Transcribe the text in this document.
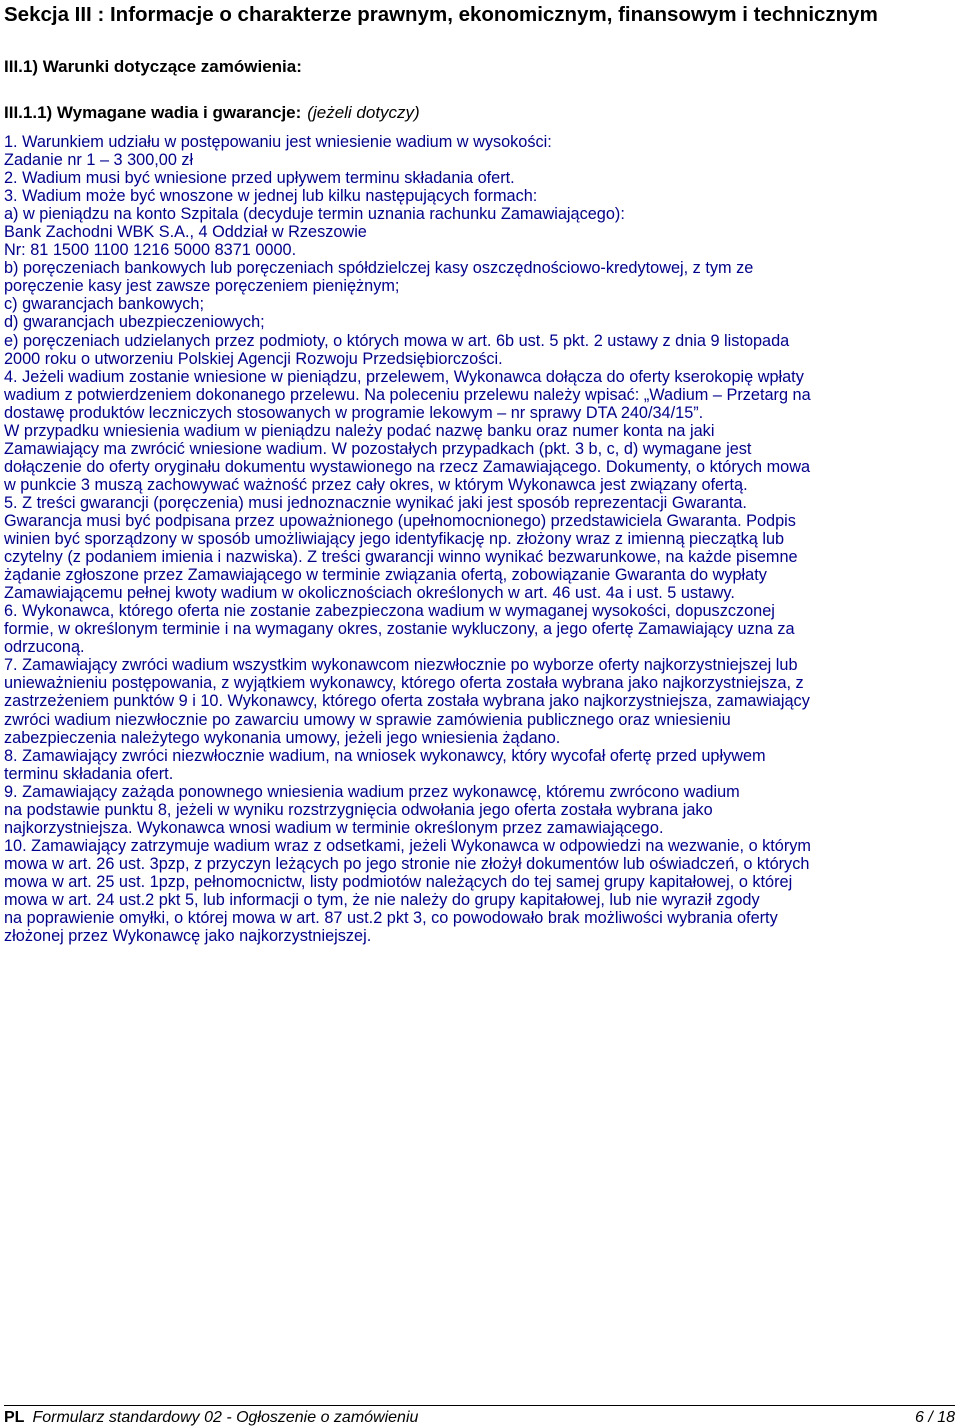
Sekcja III : Informacje o charakterze prawnym, ekonomicznym, finansowym i technicznym
III.1) Warunki dotyczące zamówienia:
III.1.1) Wymagane wadia i gwarancje: (jeżeli dotyczy)
1. Warunkiem udziału w postępowaniu jest wniesienie wadium w wysokości:
Zadanie nr 1 – 3 300,00 zł
2. Wadium musi być wniesione przed upływem terminu składania ofert.
3. Wadium może być wnoszone w jednej lub kilku następujących formach:
a) w pieniądzu na konto Szpitala (decyduje termin uznania rachunku Zamawiającego):
Bank Zachodni WBK S.A., 4 Oddział w Rzeszowie
Nr: 81 1500 1100 1216 5000 8371 0000.
b) poręczeniach bankowych lub poręczeniach spółdzielczej kasy oszczędnościowo-kredytowej, z tym ze
poręczenie kasy jest zawsze poręczeniem pieniężnym;
c) gwarancjach bankowych;
d) gwarancjach ubezpieczeniowych;
e) poręczeniach udzielanych przez podmioty, o których mowa w art. 6b ust. 5 pkt. 2 ustawy z dnia 9 listopada
2000 roku o utworzeniu Polskiej Agencji Rozwoju Przedsiębiorczości.
4. Jeżeli wadium zostanie wniesione w pieniądzu, przelewem, Wykonawca dołącza do oferty kserokopię wpłaty
wadium z potwierdzeniem dokonanego przelewu. Na poleceniu przelewu należy wpisać: „Wadium – Przetarg na
dostawę produktów leczniczych stosowanych w programie lekowym – nr sprawy DTA 240/34/15”.
W przypadku wniesienia wadium w pieniądzu należy podać nazwę banku oraz numer konta na jaki
Zamawiający ma zwrócić wniesione wadium. W pozostałych przypadkach (pkt. 3 b, c, d) wymagane jest
dołączenie do oferty oryginału dokumentu wystawionego na rzecz Zamawiającego. Dokumenty, o których mowa
w punkcie 3 muszą zachowywać ważność przez cały okres, w którym Wykonawca jest związany ofertą.
5. Z treści gwarancji (poręczenia) musi jednoznacznie wynikać jaki jest sposób reprezentacji Gwaranta.
Gwarancja musi być podpisana przez upoważnionego (upełnomocnionego) przedstawiciela Gwaranta. Podpis
winien być sporządzony w sposób umożliwiający jego identyfikację np. złożony wraz z imienną pieczątką lub
czytelny (z podaniem imienia i nazwiska). Z treści gwarancji winno wynikać bezwarunkowe, na każde pisemne
żądanie zgłoszone przez Zamawiającego w terminie związania ofertą, zobowiązanie Gwaranta do wypłaty
Zamawiającemu pełnej kwoty wadium w okolicznościach określonych w art. 46 ust. 4a i ust. 5 ustawy.
6. Wykonawca, którego oferta nie zostanie zabezpieczona wadium w wymaganej wysokości, dopuszczonej
formie, w określonym terminie i na wymagany okres, zostanie wykluczony, a jego ofertę Zamawiający uzna za
odrzuconą.
7. Zamawiający zwróci wadium wszystkim wykonawcom niezwłocznie po wyborze oferty najkorzystniejszej lub
unieważnieniu postępowania, z wyjątkiem wykonawcy, którego oferta została wybrana jako najkorzystniejsza, z
zastrzeżeniem punktów 9 i 10. Wykonawcy, którego oferta została wybrana jako najkorzystniejsza, zamawiający
zwróci wadium niezwłocznie po zawarciu umowy w sprawie zamówienia publicznego oraz wniesieniu
zabezpieczenia należytego wykonania umowy, jeżeli jego wniesienia żądano.
8. Zamawiający zwróci niezwłocznie wadium, na wniosek wykonawcy, który wycofał ofertę przed upływem
terminu składania ofert.
9. Zamawiający zażąda ponownego wniesienia wadium przez wykonawcę, któremu zwrócono wadium
na podstawie punktu 8, jeżeli w wyniku rozstrzygnięcia odwołania jego oferta została wybrana jako
najkorzystniejsza. Wykonawca wnosi wadium w terminie określonym przez zamawiającego.
10. Zamawiający zatrzymuje wadium wraz z odsetkami, jeżeli Wykonawca w odpowiedzi na wezwanie, o którym
mowa w art. 26 ust. 3pzp, z przyczyn leżących po jego stronie nie złożył dokumentów lub oświadczeń, o których
mowa w art. 25 ust. 1pzp, pełnomocnictw, listy podmiotów należących do tej samej grupy kapitałowej, o której
mowa w art. 24 ust.2 pkt 5, lub informacji o tym, że nie należy do grupy kapitałowej, lub nie wyraził zgody
na poprawienie omyłki, o której mowa w art. 87 ust.2 pkt 3, co powodowało brak możliwości wybrania oferty
złożonej przez Wykonawcę jako najkorzystniejszej.
PL Formularz standardowy 02 - Ogłoszenie o zamówieniu	6 / 18
